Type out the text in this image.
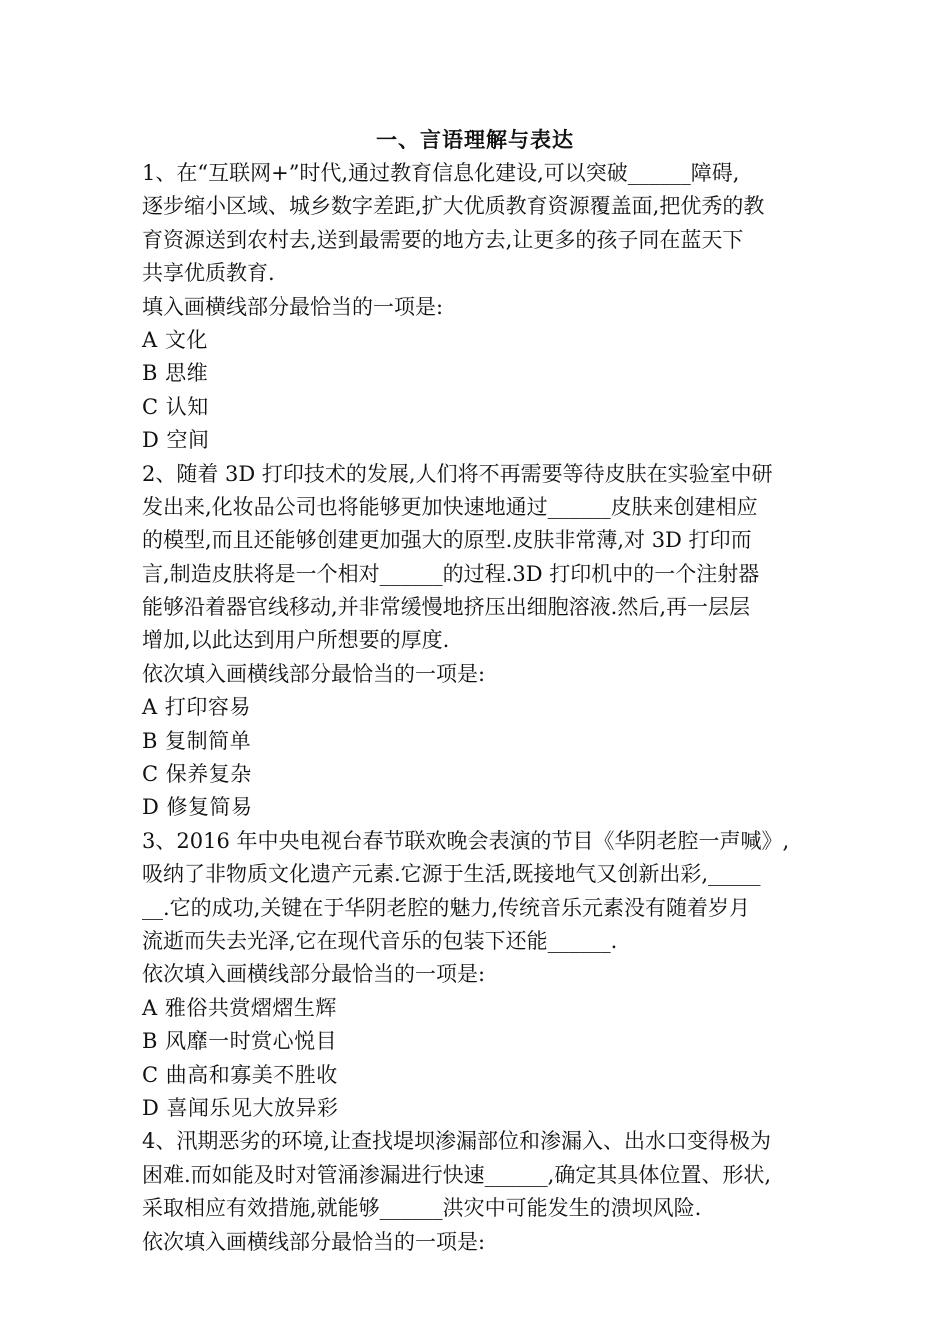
一、言语理解与表达
1、在“互联网+”时代,通过教育信息化建设,可以突破______障碍,
逐步缩小区域、城乡数字差距,扩大优质教育资源覆盖面,把优秀的教
育资源送到农村去,送到最需要的地方去,让更多的孩子同在蓝天下
共享优质教育.
填入画横线部分最恰当的一项是:
A 文化
B 思维
C 认知
D 空间
2、随着 3D 打印技术的发展,人们将不再需要等待皮肤在实验室中研
发出来,化妆品公司也将能够更加快速地通过______皮肤来创建相应
的模型,而且还能够创建更加强大的原型.皮肤非常薄,对 3D 打印而
言,制造皮肤将是一个相对______的过程.3D 打印机中的一个注射器
能够沿着器官线移动,并非常缓慢地挤压出细胞溶液.然后,再一层层
增加,以此达到用户所想要的厚度.
依次填入画横线部分最恰当的一项是:
A 打印容易
B 复制简单
C 保养复杂
D 修复简易
3、2016 年中央电视台春节联欢晚会表演的节目《华阴老腔一声喊》,
吸纳了非物质文化遗产元素.它源于生活,既接地气又创新出彩,_____
__.它的成功,关键在于华阴老腔的魅力,传统音乐元素没有随着岁月
流逝而失去光泽,它在现代音乐的包装下还能______.
依次填入画横线部分最恰当的一项是:
A 雅俗共赏熠熠生辉
B 风靡一时赏心悦目
C 曲高和寡美不胜收
D 喜闻乐见大放异彩
4、汛期恶劣的环境,让查找堤坝渗漏部位和渗漏入、出水口变得极为
困难.而如能及时对管涌渗漏进行快速______,确定其具体位置、形状,
采取相应有效措施,就能够______洪灾中可能发生的溃坝风险.
依次填入画横线部分最恰当的一项是:
